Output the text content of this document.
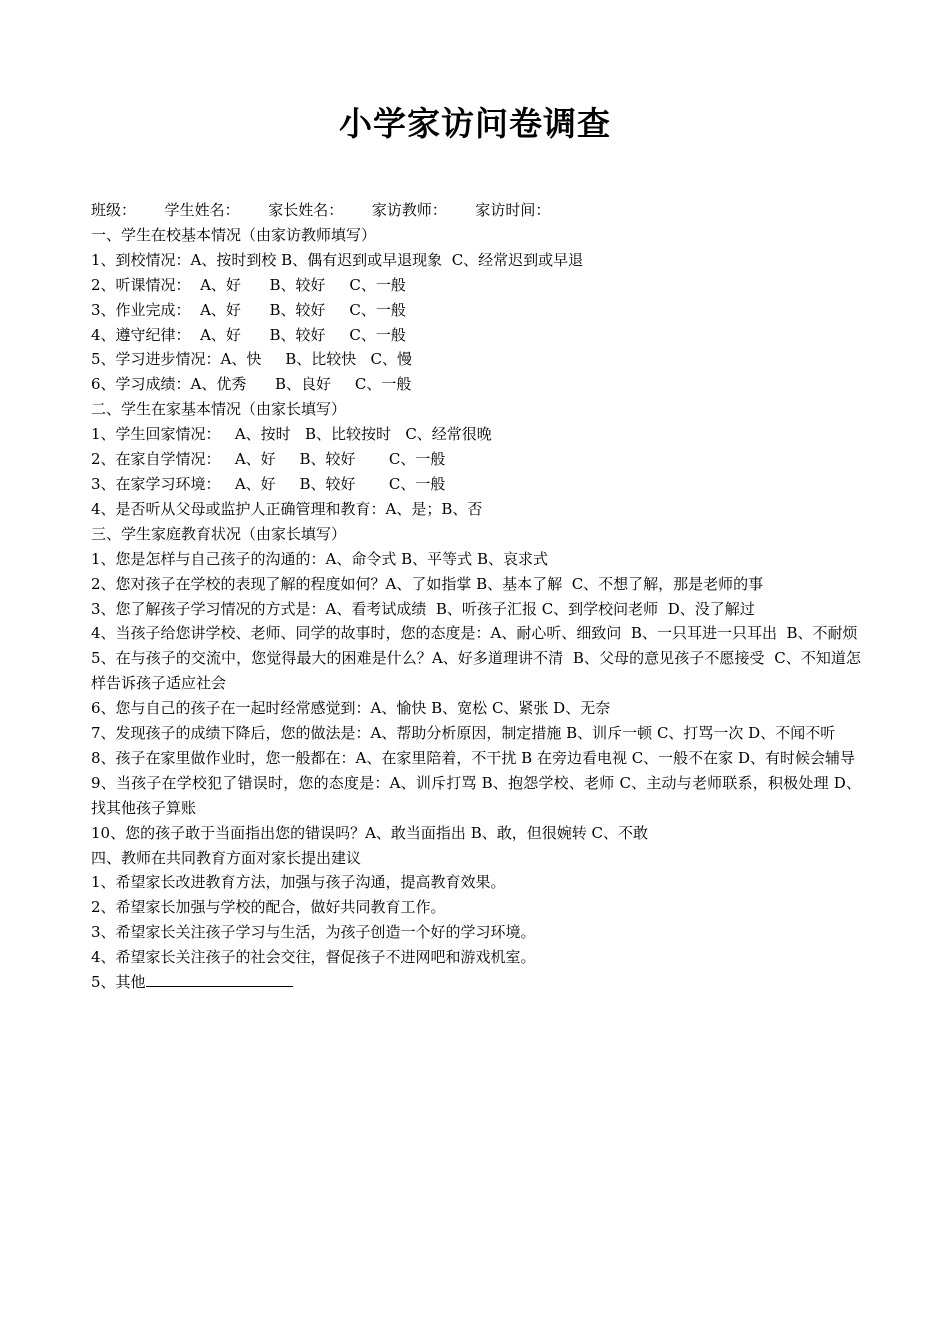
小学家访问卷调查
班级：      学生姓名：      家长姓名：      家访教师：      家访时间：
一、学生在校基本情况（由家访教师填写）
1、到校情况：A、按时到校 B、偶有迟到或早退现象  C、经常迟到或早退
2、听课情况：  A、好      B、较好     C、一般
3、作业完成：  A、好      B、较好     C、一般
4、遵守纪律：  A、好      B、较好     C、一般
5、学习进步情况：A、快     B、比较快   C、慢
6、学习成绩：A、优秀      B、良好     C、一般
二、学生在家基本情况（由家长填写）
1、学生回家情况：   A、按时   B、比较按时   C、经常很晚
2、在家自学情况：   A、好     B、较好       C、一般
3、在家学习环境：   A、好     B、较好       C、一般
4、是否听从父母或监护人正确管理和教育：A、是；B、否
三、学生家庭教育状况（由家长填写）
1、您是怎样与自己孩子的沟通的：A、命令式 B、平等式 B、哀求式
2、您对孩子在学校的表现了解的程度如何？A、了如指掌 B、基本了解  C、不想了解，那是老师的事
3、您了解孩子学习情况的方式是：A、看考试成绩  B、听孩子汇报 C、到学校问老师  D、没了解过
4、当孩子给您讲学校、老师、同学的故事时，您的态度是：A、耐心听、细致问  B、一只耳进一只耳出  B、不耐烦
5、在与孩子的交流中，您觉得最大的困难是什么？A、好多道理讲不清  B、父母的意见孩子不愿接受  C、不知道怎样告诉孩子适应社会
6、您与自己的孩子在一起时经常感觉到：A、愉快 B、宽松 C、紧张 D、无奈
7、发现孩子的成绩下降后，您的做法是：A、帮助分析原因，制定措施 B、训斥一顿 C、打骂一次 D、不闻不听
8、孩子在家里做作业时，您一般都在：A、在家里陪着，不干扰 B 在旁边看电视 C、一般不在家 D、有时候会辅导
9、当孩子在学校犯了错误时，您的态度是：A、训斥打骂 B、抱怨学校、老师 C、主动与老师联系，积极处理 D、找其他孩子算账
10、您的孩子敢于当面指出您的错误吗？A、敢当面指出 B、敢，但很婉转 C、不敢
四、教师在共同教育方面对家长提出建议
1、希望家长改进教育方法，加强与孩子沟通，提高教育效果。
2、希望家长加强与学校的配合，做好共同教育工作。
3、希望家长关注孩子学习与生活，为孩子创造一个好的学习环境。
4、希望家长关注孩子的社会交往，督促孩子不进网吧和游戏机室。
5、其他
